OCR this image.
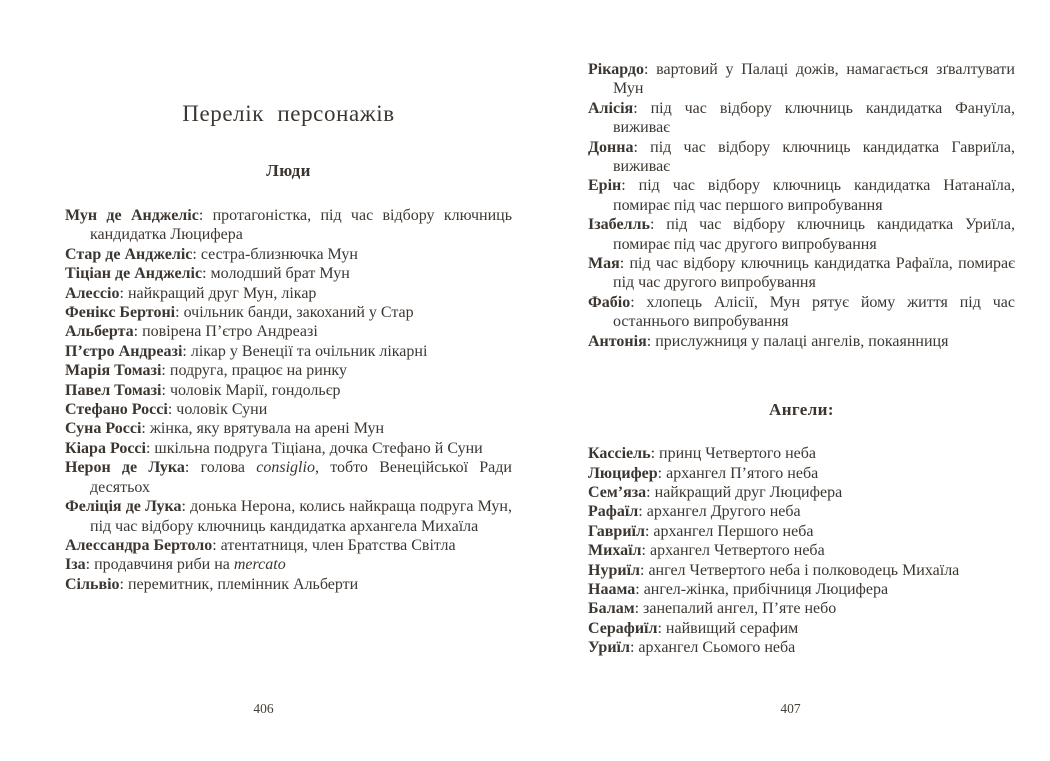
Перелік персонажів
Люди

Мун де Анджеліс: протагоністка, під час відбору ключниць кандидатка Люцифера

Стар де Анджеліс: сестра-близнючка Мун

Тіціан де Анджеліс: молодший брат Мун

Алессіо: найкращий друг Мун, лікар

Фенікс Бертоні: очільник банди, закоханий у Стар

Альберта: повірена П’єтро Андреазі

П’єтро Андреазі: лікар у Венеції та очільник лікарні

Марія Томазі: подруга, працює на ринку

Павел Томазі: чоловік Марії, гондольєр

Стефано Россі: чоловік Суни

Суна Россі: жінка, яку врятувала на арені Мун

Кіара Россі: шкільна подруга Тіціана, дочка Стефано й Суни

Нерон де Лука: голова consiglio, тобто Венеційської Ради десятьох

Феліція де Лука: донька Нерона, колись найкраща подруга Мун, під час відбору ключниць кандидатка архангела Михаїла

Алессандра Бертоло: атентатниця, член Братства Світла

Іза: продавчиня риби на mercato

Сільвіо: перемитник, племінник Альберти

406

Рікардо: вартовий у Палаці дожів, намагається зґвалтувати Мун

Алісія: під час відбору ключниць кандидатка Фануїла, виживає

Донна: під час відбору ключниць кандидатка Гавриїла, виживає

Ерін: під час відбору ключниць кандидатка Натанаїла, помирає під час першого випробування

Ізабелль: під час відбору ключниць кандидатка Уриїла, помирає під час другого випробування

Мая: під час відбору ключниць кандидатка Рафаїла, помирає під час другого випробування

Фабіо: хлопець Алісії, Мун рятує йому життя під час останнього випробування

Антонія: прислужниця у палаці ангелів, покаянниця

Ангели:

Кассіель: принц Четвертого неба

Люцифер: архангел П’ятого неба

Сем’яза: найкращий друг Люцифера

Рафаїл: архангел Другого неба

Гавриїл: архангел Першого неба

Михаїл: архангел Четвертого неба

Нуриїл: ангел Четвертого неба і полководець Михаїла

Наама: ангел-жінка, прибічниця Люцифера

Балам: занепалий ангел, П’яте небо

Серафиїл: найвищий серафим

Уриїл: архангел Сьомого неба

407
